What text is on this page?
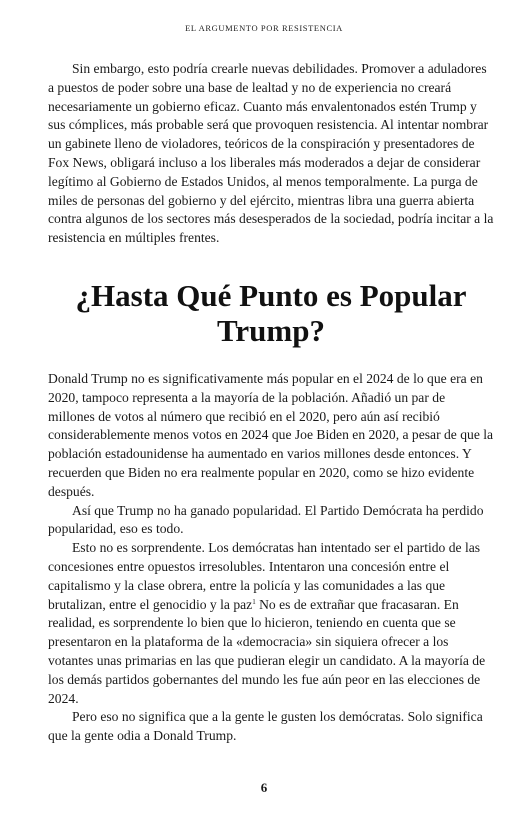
EL ARGUMENTO POR RESISTENCIA

Sin embargo, esto podría crearle nuevas debilidades. Promover a aduladores a puestos de poder sobre una base de lealtad y no de experiencia no creará necesariamente un gobierno eficaz. Cuanto más envalentonados estén Trump y sus cómplices, más probable será que provoquen resistencia. Al intentar nombrar un gabinete lleno de violadores, teóricos de la conspiración y presentadores de Fox News, obligará incluso a los liberales más moderados a dejar de considerar legítimo al Gobierno de Estados Unidos, al menos temporalmente. La purga de miles de personas del gobierno y del ejército, mientras libra una guerra abierta contra algunos de los sectores más desesperados de la sociedad, podría incitar a la resistencia en múltiples frentes.

¿Hasta Qué Punto es Popular Trump?

Donald Trump no es significativamente más popular en el 2024 de lo que era en 2020, tampoco representa a la mayoría de la población. Añadió un par de millones de votos al número que recibió en el 2020, pero aún así recibió considerablemente menos votos en 2024 que Joe Biden en 2020, a pesar de que la población estadounidense ha aumentado en varios millones desde entonces. Y recuerden que Biden no era realmente popular en 2020, como se hizo evidente después.

Así que Trump no ha ganado popularidad. El Partido Demócrata ha perdido popularidad, eso es todo.

Esto no es sorprendente. Los demócratas han intentado ser el partido de las concesiones entre opuestos irresolubles. Intentaron una concesión entre el capitalismo y la clase obrera, entre la policía y las comunidades a las que brutalizan, entre el genocidio y la paz$^1$ No es de extrañar que fracasaran. En realidad, es sorprendente lo bien que lo hicieron, teniendo en cuenta que se presentaron en la plataforma de la «democracia» sin siquiera ofrecer a los votantes unas primarias en las que pudieran elegir un candidato. A la mayoría de los demás partidos gobernantes del mundo les fue aún peor en las elecciones de 2024.

Pero eso no significa que a la gente le gusten los demócratas. Solo significa que la gente odia a Donald Trump.

6
